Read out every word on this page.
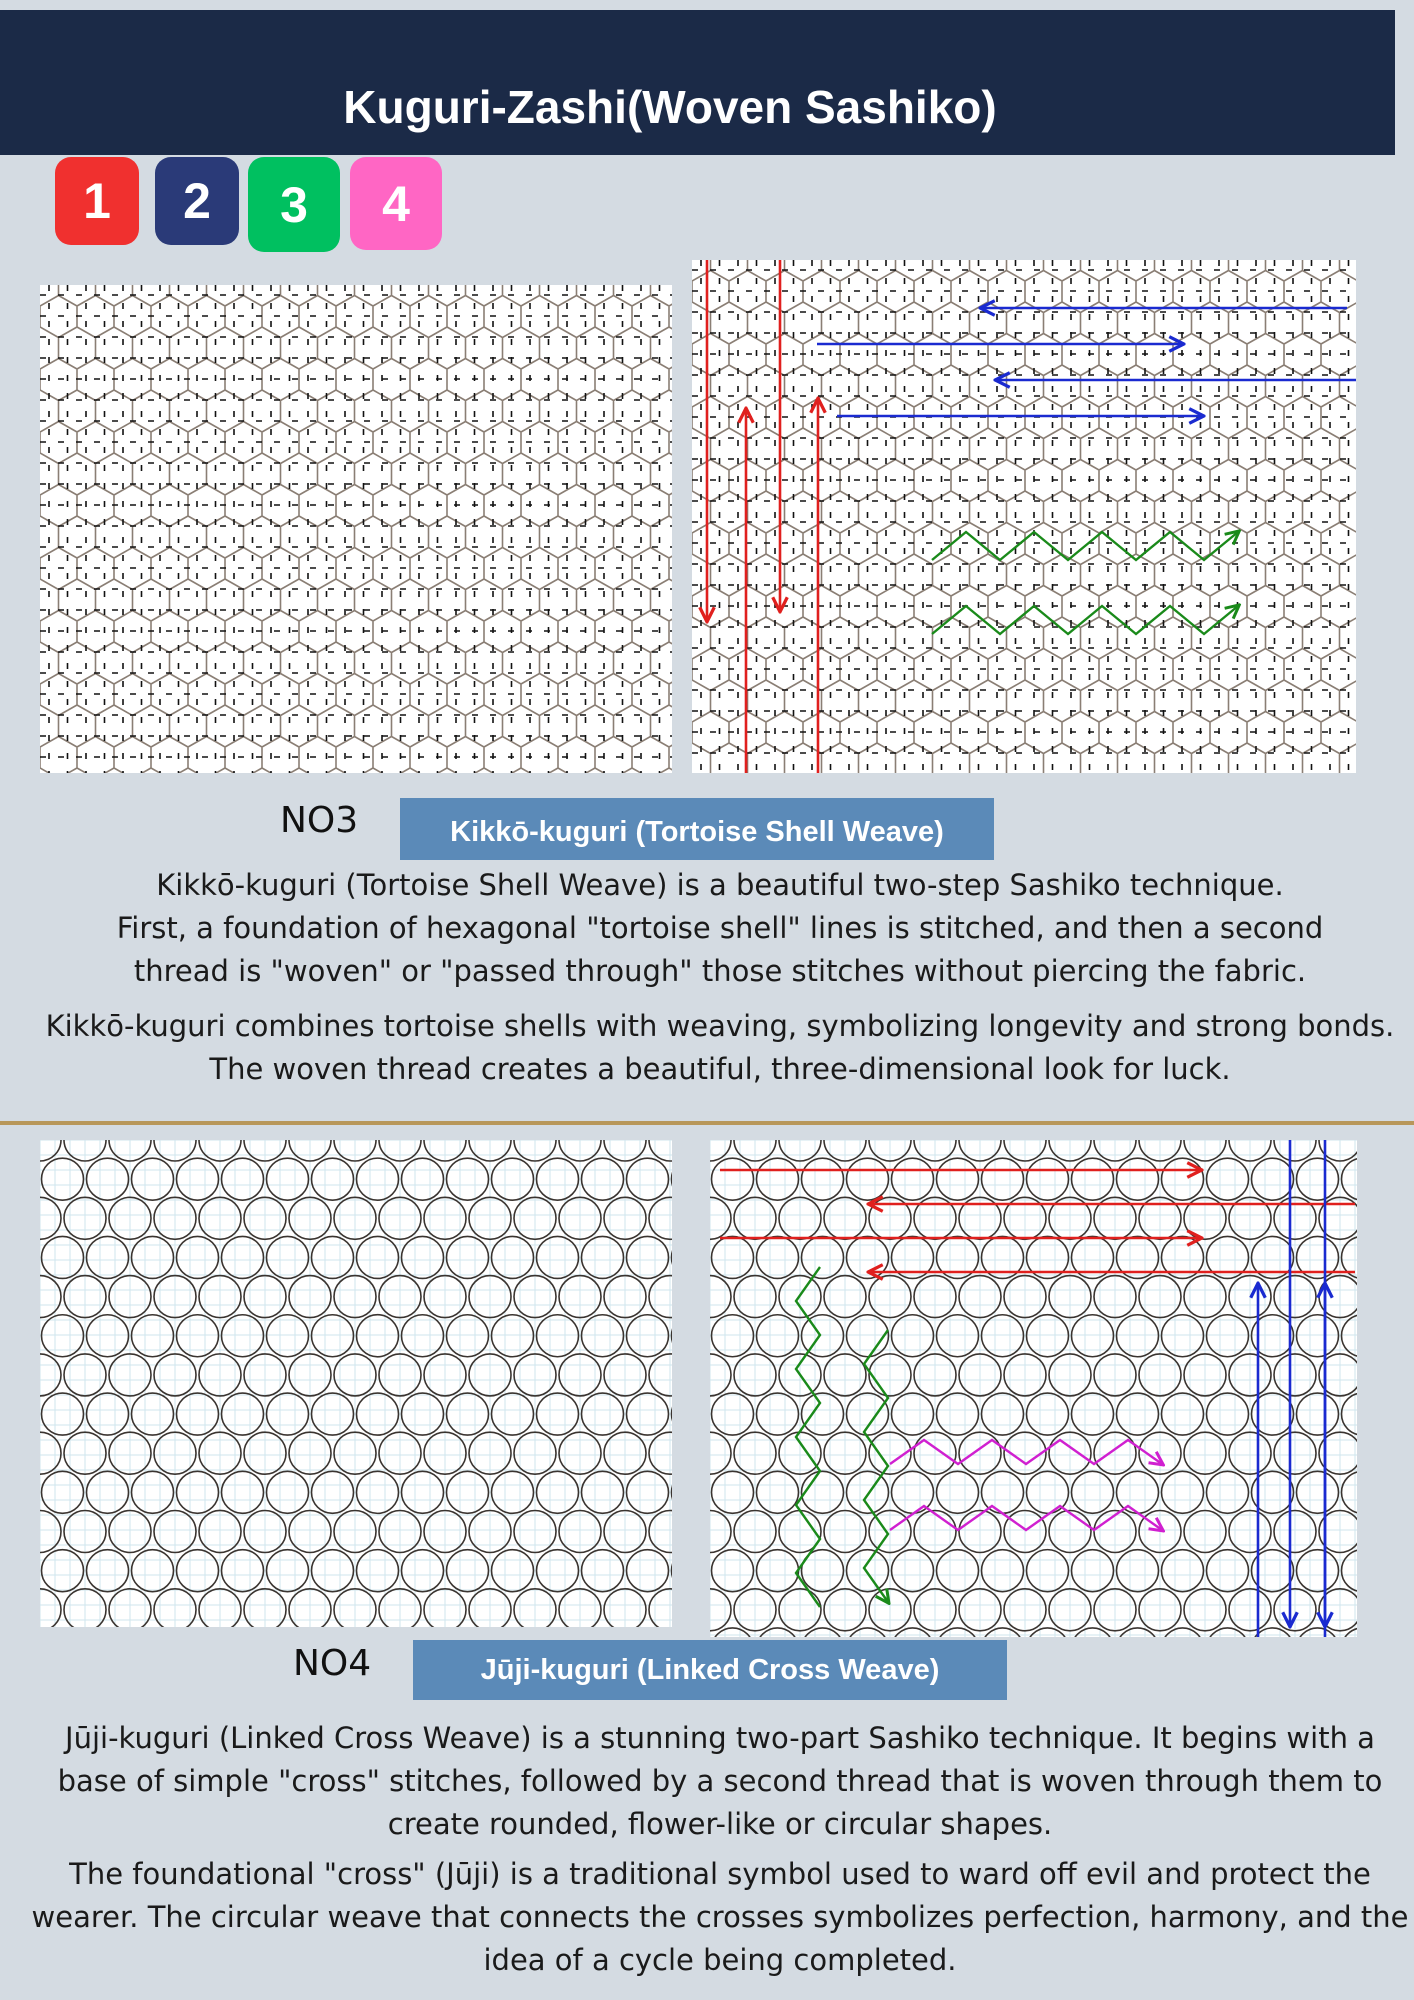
Kuguri-Zashi(Woven Sashiko)
1 2 3 4
NO3	Kikkō-kuguri (Tortoise Shell Weave)

Kikkō-kuguri (Tortoise Shell Weave) is a beautiful two-step Sashiko technique.
First, a foundation of hexagonal "tortoise shell" lines is stitched, and then a second
thread is "woven" or "passed through" those stitches without piercing the fabric.

Kikkō-kuguri combines tortoise shells with weaving, symbolizing longevity and strong bonds.
The woven thread creates a beautiful, three-dimensional look for luck.

NO4	Jūji-kuguri (Linked Cross Weave)

Jūji-kuguri (Linked Cross Weave) is a stunning two-part Sashiko technique. It begins with a
base of simple "cross" stitches, followed by a second thread that is woven through them to
create rounded, flower-like or circular shapes.

The foundational "cross" (Jūji) is a traditional symbol used to ward off evil and protect the
wearer. The circular weave that connects the crosses symbolizes perfection, harmony, and the
idea of a cycle being completed.
